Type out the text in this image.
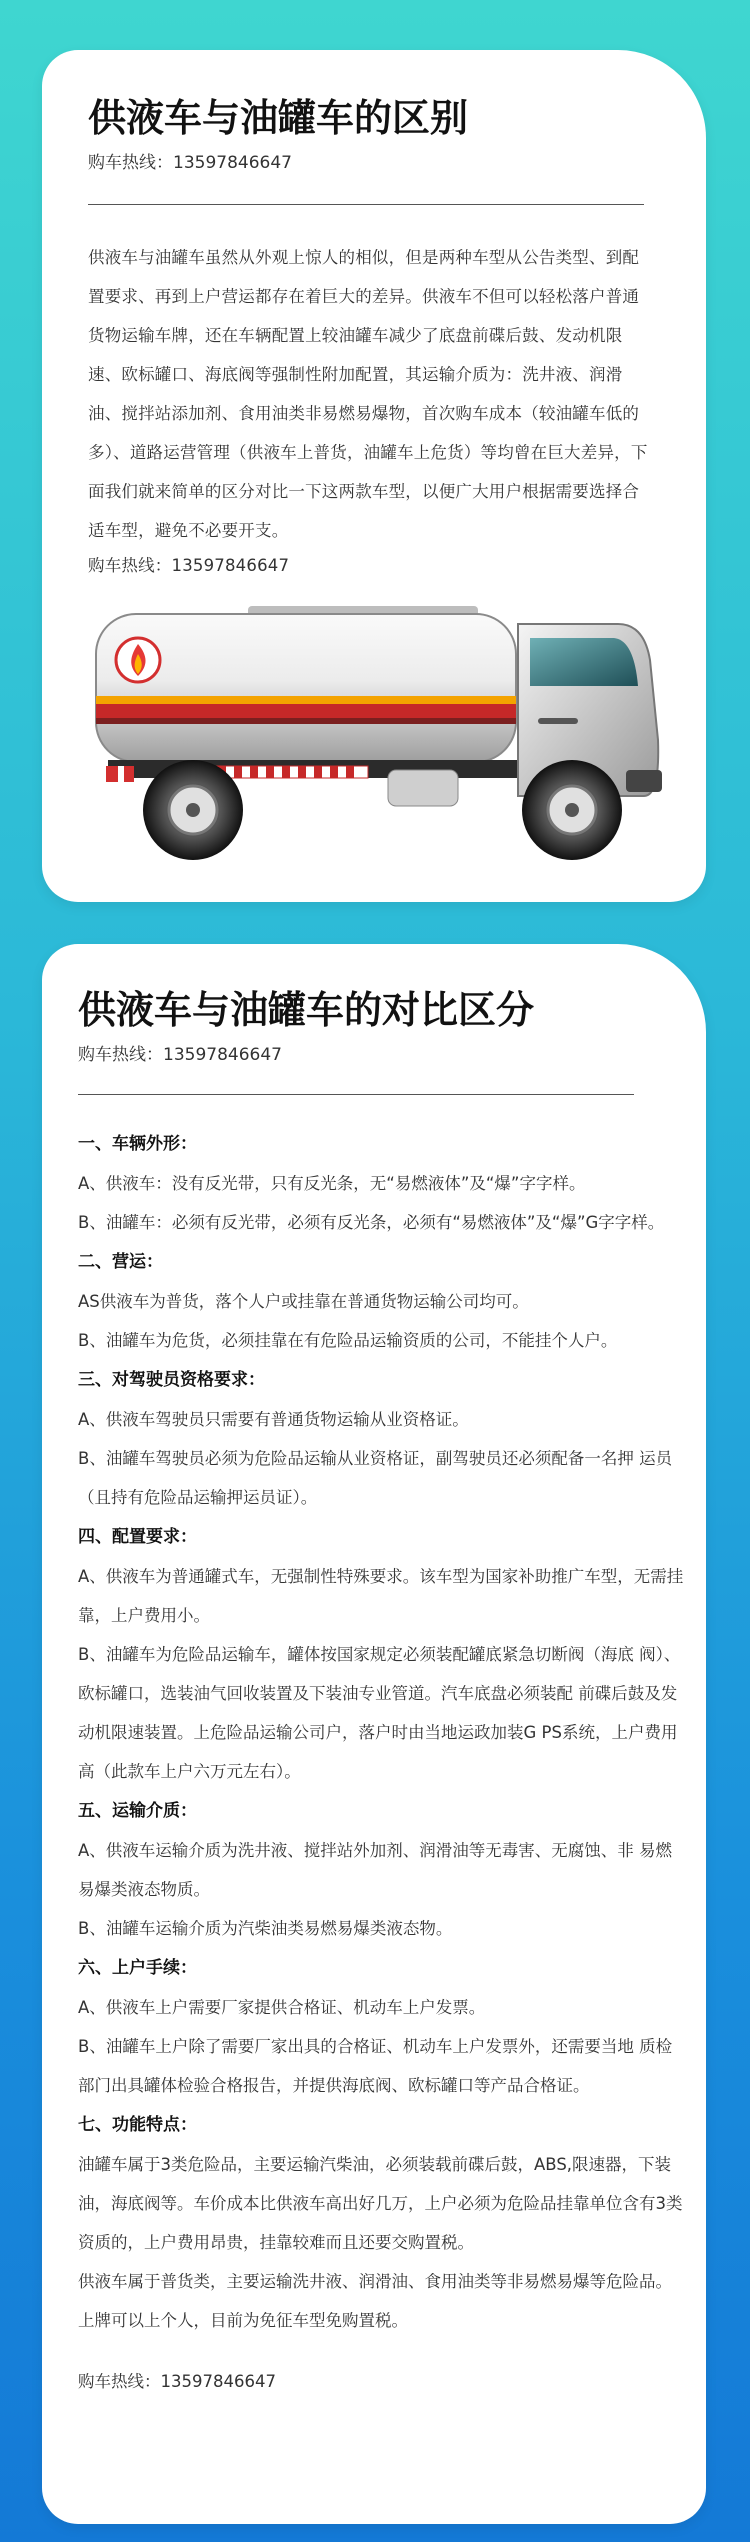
供液车与油罐车的区别
购车热线：13597846647
供液车与油罐车虽然从外观上惊人的相似，但是两种车型从公告类型、到配置要求、再到上户营运都存在着巨大的差异。供液车不但可以轻松落户普通货物运输车牌，还在车辆配置上较油罐车减少了底盘前碟后鼓、发动机限速、欧标罐口、海底阀等强制性附加配置，其运输介质为：洗井液、润滑油、搅拌站添加剂、食用油类非易燃易爆物，首次购车成本（较油罐车低的多）、道路运营管理（供液车上普货，油罐车上危货）等均曾在巨大差异，下面我们就来简单的区分对比一下这两款车型，以便广大用户根据需要选择合适车型，避免不必要开支。
购车热线：13597846647
供液车与油罐车的对比区分
购车热线：13597846647
一、车辆外形：
A、供液车：没有反光带，只有反光条，无“易燃液体”及“爆”字字样。
B、油罐车：必须有反光带，必须有反光条，必须有“易燃液体”及“爆”G字字样。
二、营运：
AS供液车为普货，落个人户或挂靠在普通货物运输公司均可。
B、油罐车为危货，必须挂靠在有危险品运输资质的公司，不能挂个人户。
三、对驾驶员资格要求：
A、供液车驾驶员只需要有普通货物运输从业资格证。
B、油罐车驾驶员必须为危险品运输从业资格证，副驾驶员还必须配备一名押 运员（且持有危险品运输押运员证）。
四、配置要求：
A、供液车为普通罐式车，无强制性特殊要求。该车型为国家补助推广车型，无需挂靠，上户费用小。
B、油罐车为危险品运输车，罐体按国家规定必须装配罐底紧急切断阀（海底 阀）、欧标罐口，选装油气回收装置及下装油专业管道。汽车底盘必须装配 前碟后鼓及发动机限速装置。上危险品运输公司户，落户时由当地运政加装G PS系统，上户费用高（此款车上户六万元左右）。
五、运输介质：
A、供液车运输介质为洗井液、搅拌站外加剂、润滑油等无毒害、无腐蚀、非 易燃易爆类液态物质。
B、油罐车运输介质为汽柴油类易燃易爆类液态物。
六、上户手续：
A、供液车上户需要厂家提供合格证、机动车上户发票。
B、油罐车上户除了需要厂家出具的合格证、机动车上户发票外，还需要当地 质检部门出具罐体检验合格报告，并提供海底阀、欧标罐口等产品合格证。
七、功能特点：
油罐车属于3类危险品，主要运输汽柴油，必须装载前碟后鼓，ABS,限速器，下装油，海底阀等。车价成本比供液车高出好几万，上户必须为危险品挂靠单位含有3类资质的，上户费用昂贵，挂靠较难而且还要交购置税。
供液车属于普货类，主要运输洗井液、润滑油、食用油类等非易燃易爆等危险品。上牌可以上个人，目前为免征车型免购置税。
购车热线：13597846647
